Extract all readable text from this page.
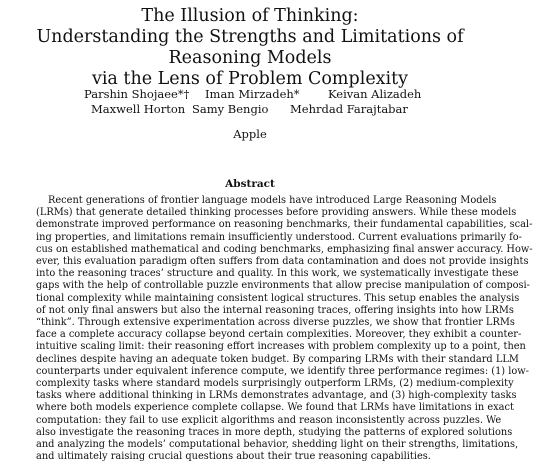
The Illusion of Thinking:
Understanding the Strengths and Limitations of Reasoning Models
via the Lens of Problem Complexity
Parshin Shojaee*† Iman Mirzadeh* Keivan Alizadeh
Maxwell Horton Samy Bengio Mehrdad Farajtabar
Apple
Abstract
Recent generations of frontier language models have introduced Large Reasoning Models
(LRMs) that generate detailed thinking processes before providing answers. While these models
demonstrate improved performance on reasoning benchmarks, their fundamental capabilities, scal-
ing properties, and limitations remain insufficiently understood. Current evaluations primarily fo-
cus on established mathematical and coding benchmarks, emphasizing final answer accuracy. How-
ever, this evaluation paradigm often suffers from data contamination and does not provide insights
into the reasoning traces’ structure and quality. In this work, we systematically investigate these
gaps with the help of controllable puzzle environments that allow precise manipulation of composi-
tional complexity while maintaining consistent logical structures. This setup enables the analysis
of not only final answers but also the internal reasoning traces, offering insights into how LRMs
“think”. Through extensive experimentation across diverse puzzles, we show that frontier LRMs
face a complete accuracy collapse beyond certain complexities. Moreover, they exhibit a counter-
intuitive scaling limit: their reasoning effort increases with problem complexity up to a point, then
declines despite having an adequate token budget. By comparing LRMs with their standard LLM
counterparts under equivalent inference compute, we identify three performance regimes: (1) low-
complexity tasks where standard models surprisingly outperform LRMs, (2) medium-complexity
tasks where additional thinking in LRMs demonstrates advantage, and (3) high-complexity tasks
where both models experience complete collapse. We found that LRMs have limitations in exact
computation: they fail to use explicit algorithms and reason inconsistently across puzzles. We
also investigate the reasoning traces in more depth, studying the patterns of explored solutions
and analyzing the models’ computational behavior, shedding light on their strengths, limitations,
and ultimately raising crucial questions about their true reasoning capabilities.
